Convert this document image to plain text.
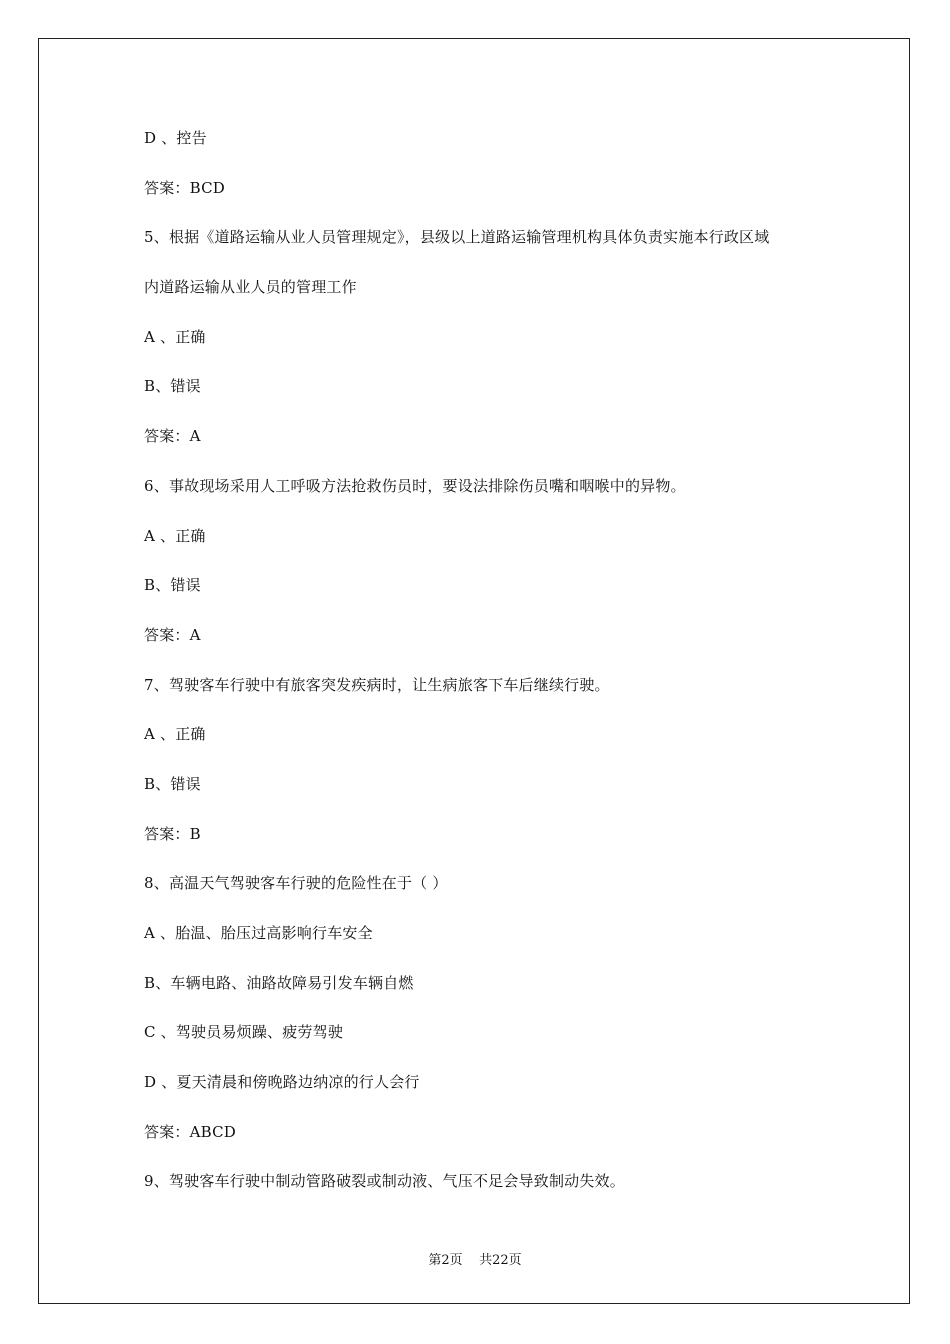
D 、控告
答案：BCD
5、根据《道路运输从业人员管理规定》，县级以上道路运输管理机构具体负责实施本行政区域
内道路运输从业人员的管理工作
A 、正确
B、错误
答案：A
6、事故现场采用人工呼吸方法抢救伤员时，要设法排除伤员嘴和咽喉中的异物。
A 、正确
B、错误
答案：A
7、驾驶客车行驶中有旅客突发疾病时，让生病旅客下车后继续行驶。
A 、正确
B、错误
答案：B
8、高温天气驾驶客车行驶的危险性在于（ ）
A 、胎温、胎压过高影响行车安全
B、车辆电路、油路故障易引发车辆自燃
C 、驾驶员易烦躁、疲劳驾驶
D 、夏天清晨和傍晚路边纳凉的行人会行
答案：ABCD
9、驾驶客车行驶中制动管路破裂或制动液、气压不足会导致制动失效。
第2页 共22页
